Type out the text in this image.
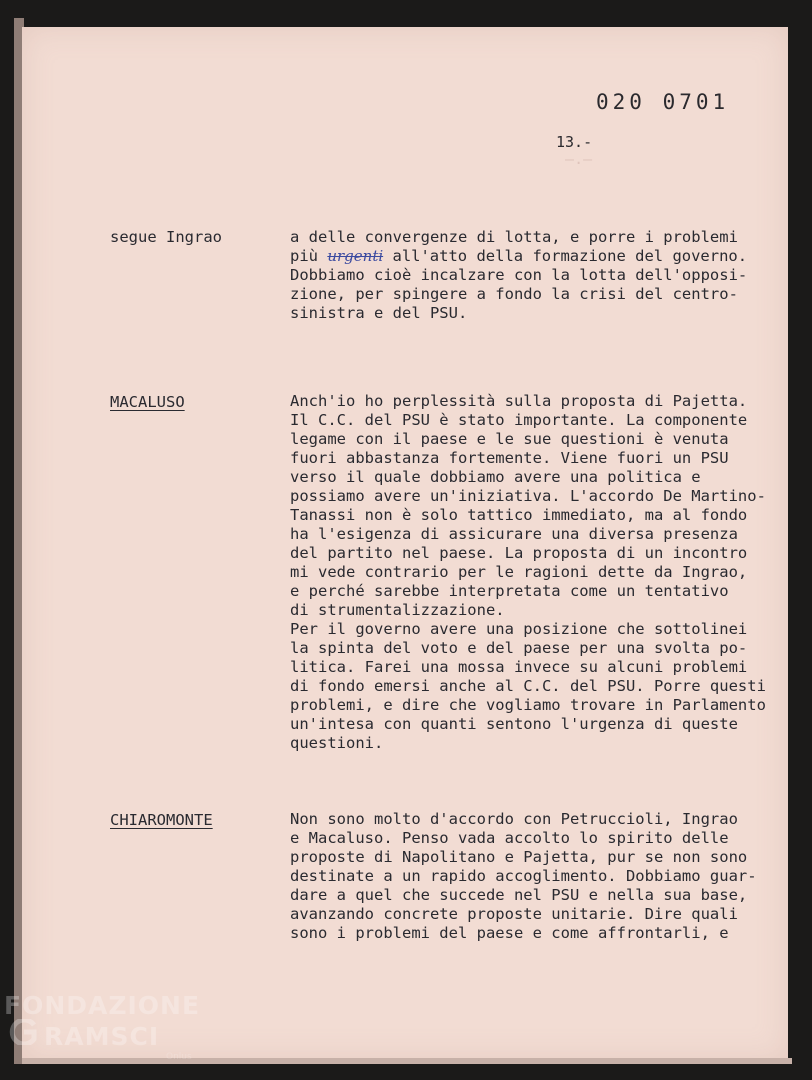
—.—
020 0701
13.-
segue Ingrao	a delle convergenze di lotta, e porre i problemi
più urgenti all'atto della formazione del governo.
Dobbiamo cioè incalzare con la lotta dell'opposi-
zione, per spingere a fondo la crisi del centro-
sinistra e del PSU.
MACALUSO	Anch'io ho perplessità sulla proposta di Pajetta.
Il C.C. del PSU è stato importante. La componente
legame con il paese e le sue questioni è venuta
fuori abbastanza fortemente. Viene fuori un PSU
verso il quale dobbiamo avere una politica e
possiamo avere un'iniziativa. L'accordo De Martino-
Tanassi non è solo tattico immediato, ma al fondo
ha l'esigenza di assicurare una diversa presenza
del partito nel paese. La proposta di un incontro
mi vede contrario per le ragioni dette da Ingrao,
e perché sarebbe interpretata come un tentativo
di strumentalizzazione.
Per il governo avere una posizione che sottolinei
la spinta del voto e del paese per una svolta po-
litica. Farei una mossa invece su alcuni problemi
di fondo emersi anche al C.C. del PSU. Porre questi
problemi, e dire che vogliamo trovare in Parlamento
un'intesa con quanti sentono l'urgenza di queste
questioni.
CHIAROMONTE	Non sono molto d'accordo con Petruccioli, Ingrao
e Macaluso. Penso vada accolto lo spirito delle
proposte di Napolitano e Pajetta, pur se non sono
destinate a un rapido accoglimento. Dobbiamo guar-
dare a quel che succede nel PSU e nella sua base,
avanzando concrete proposte unitarie. Dire quali
sono i problemi del paese e come affrontarli, e
FONDAZIONE
RAMSCI
Onlus
